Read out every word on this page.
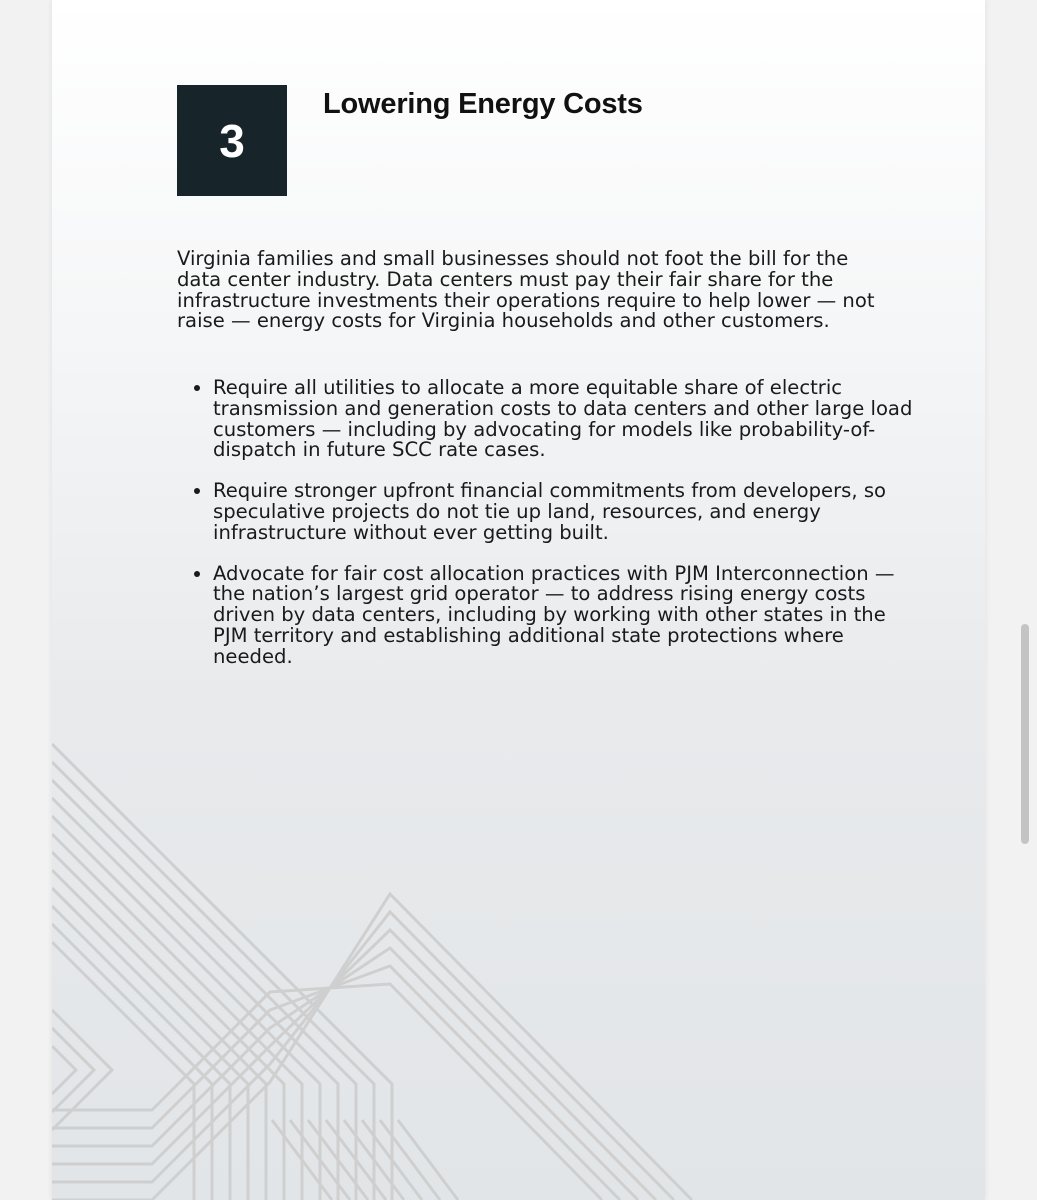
3
Lowering Energy Costs

Virginia families and small businesses should not foot the bill for the data center industry. Data centers must pay their fair share for the infrastructure investments their operations require to help lower — not raise — energy costs for Virginia households and other customers.

• Require all utilities to allocate a more equitable share of electric transmission and generation costs to data centers and other large load customers — including by advocating for models like probability-of-dispatch in future SCC rate cases.
• Require stronger upfront financial commitments from developers, so speculative projects do not tie up land, resources, and energy infrastructure without ever getting built.
• Advocate for fair cost allocation practices with PJM Interconnection — the nation’s largest grid operator — to address rising energy costs driven by data centers, including by working with other states in the PJM territory and establishing additional state protections where needed.
